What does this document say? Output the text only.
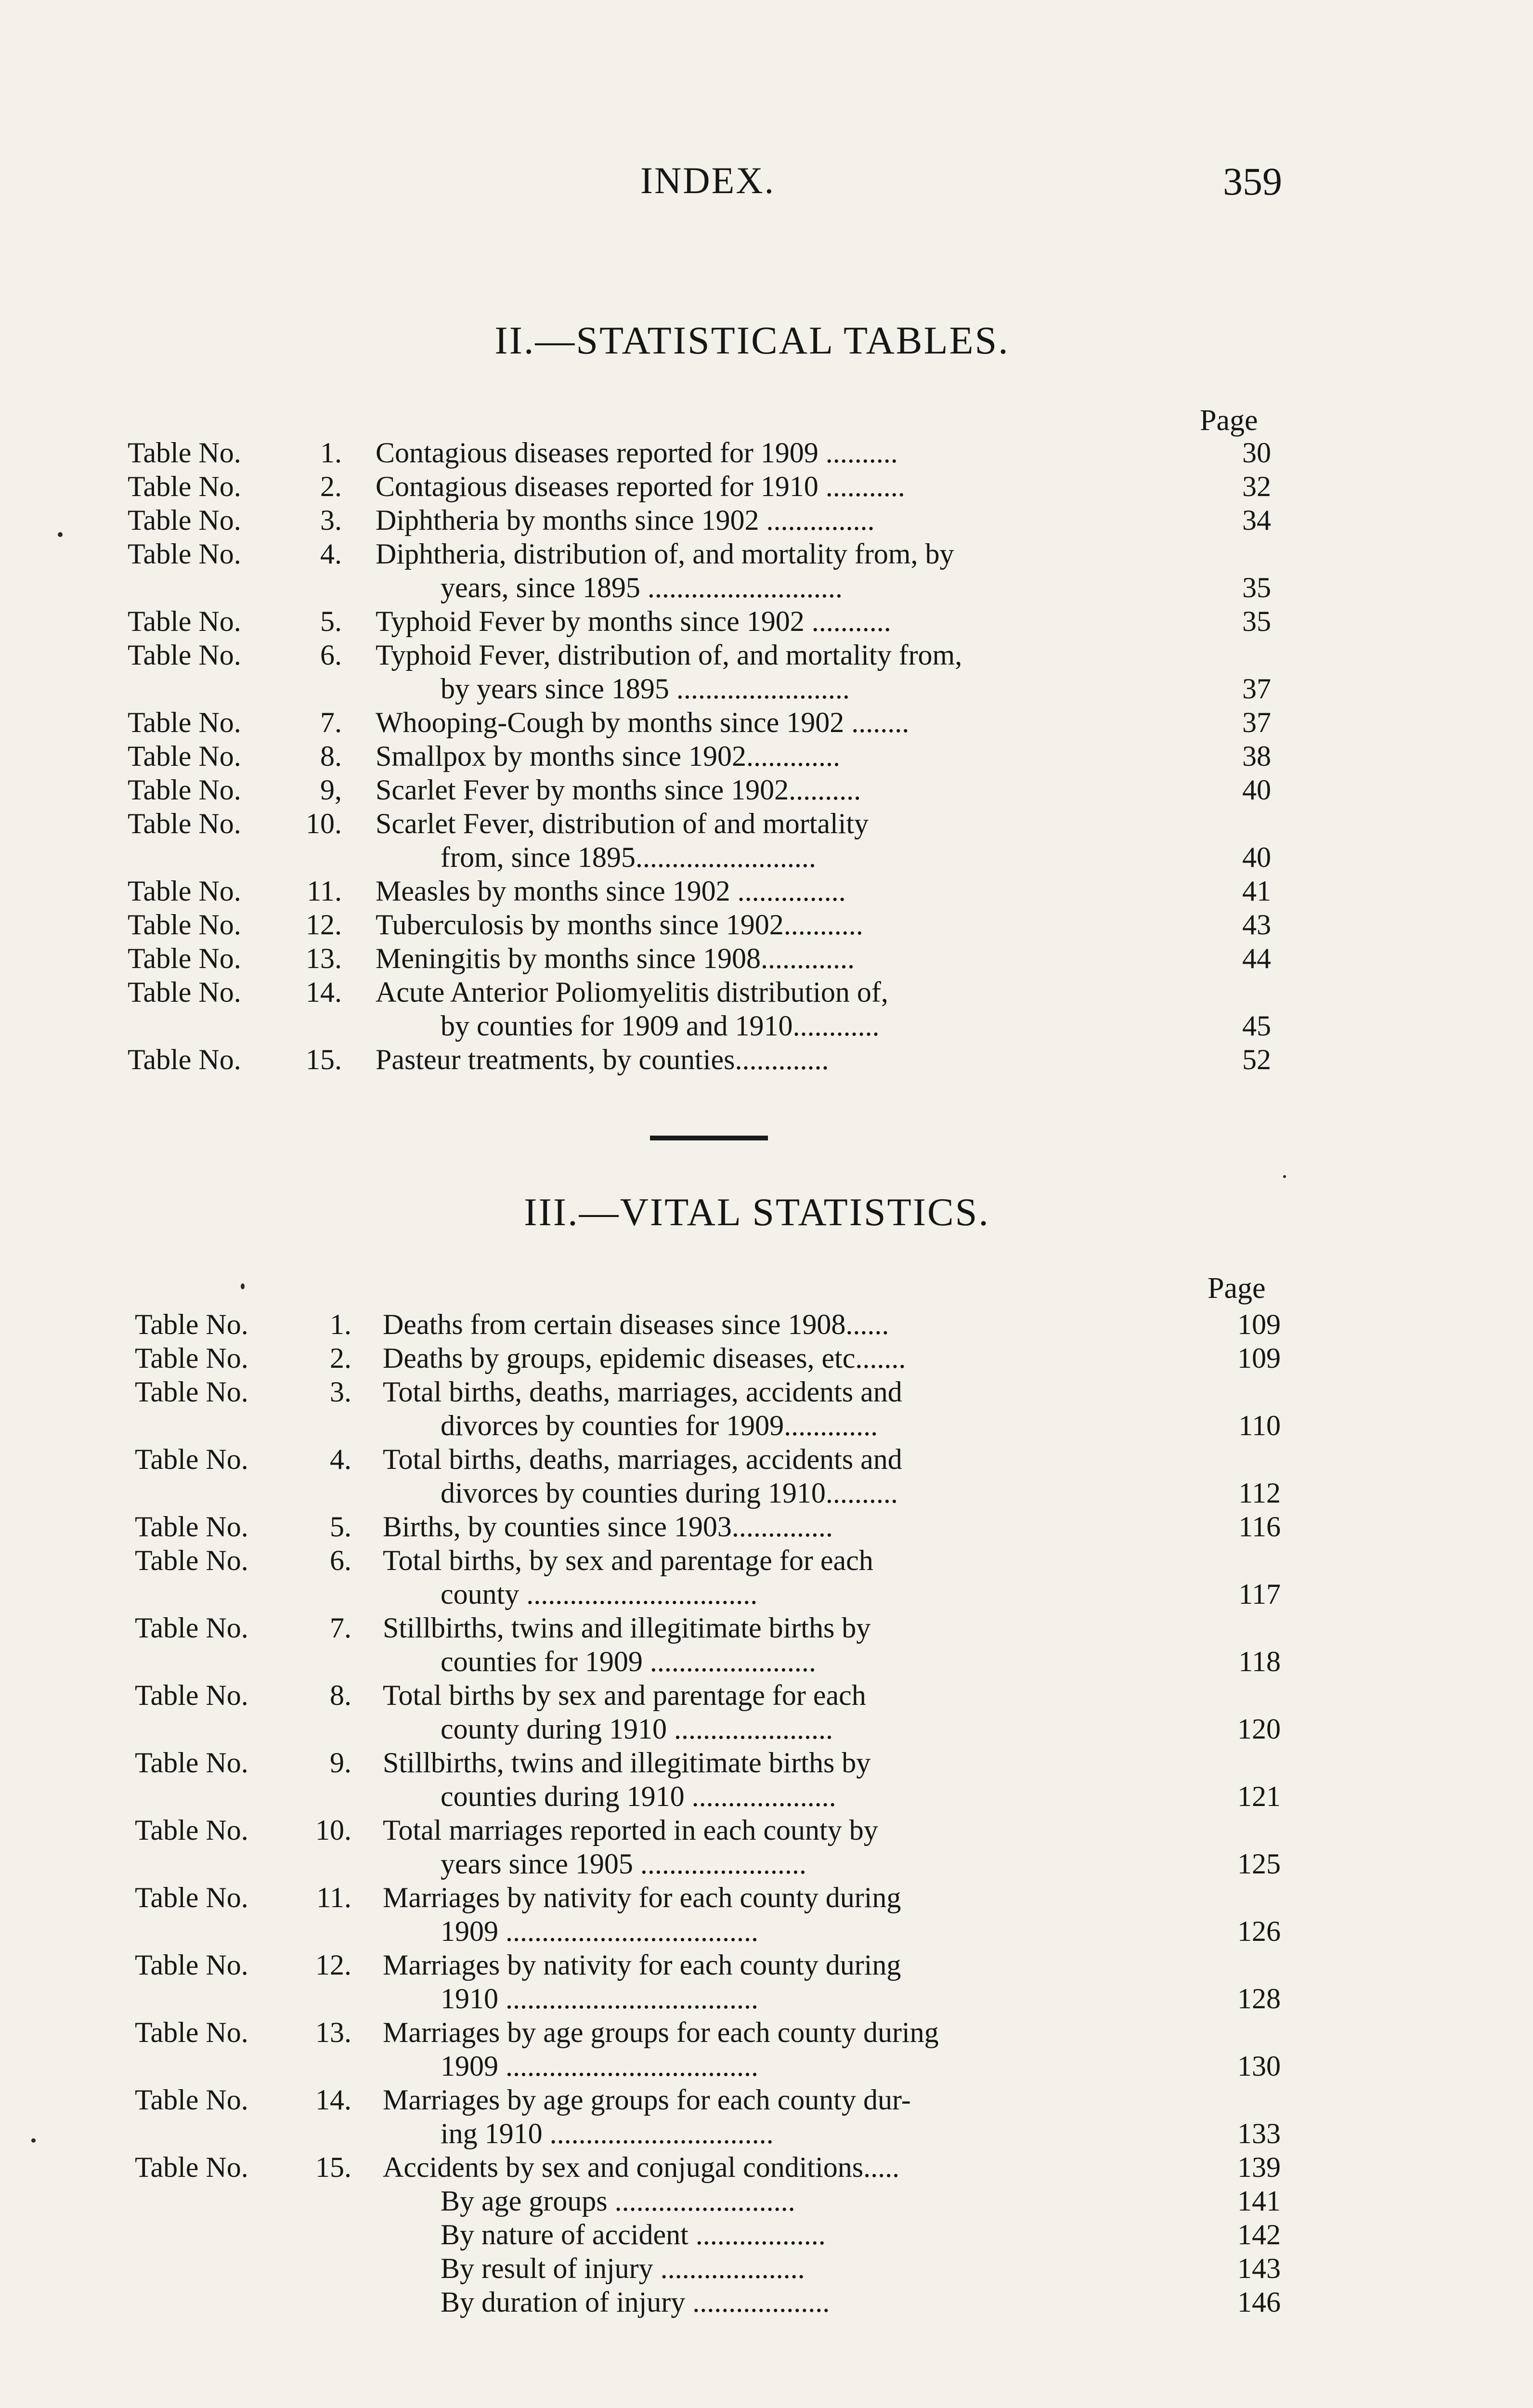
INDEX.	359
II.—STATISTICAL TABLES.
Page
Table No.	1. Contagious diseases reported for 1909 ..........	30
Table No.	2. Contagious diseases reported for 1910 ...........	32
Table No.	3. Diphtheria by months since 1902 ...............	34
Table No.	4. Diphtheria, distribution of, and mortality from, by
years, since 1895 ...........................	35
Table No.	5. Typhoid Fever by months since 1902 ...........	35
Table No.	6. Typhoid Fever, distribution of, and mortality from,
by years since 1895 ........................	37
Table No.	7. Whooping-Cough by months since 1902 ........	37
Table No.	8. Smallpox by months since 1902.............	38
Table No.	9, Scarlet Fever by months since 1902..........	40
Table No.	10. Scarlet Fever, distribution of and mortality
from, since 1895.........................	40
Table No.	11. Measles by months since 1902 ...............	41
Table No.	12. Tuberculosis by months since 1902...........	43
Table No.	13. Meningitis by months since 1908.............	44
Table No.	14. Acute Anterior Poliomyelitis distribution of,
by counties for 1909 and 1910............	45
Table No.	15. Pasteur treatments, by counties.............	52
III.—VITAL STATISTICS.
Page
Table No.	1. Deaths from certain diseases since 1908......	109
Table No.	2. Deaths by groups, epidemic diseases, etc.......	109
Table No.	3. Total births, deaths, marriages, accidents and
divorces by counties for 1909.............	110
Table No.	4. Total births, deaths, marriages, accidents and
divorces by counties during 1910..........	112
Table No.	5. Births, by counties since 1903..............	116
Table No.	6. Total births, by sex and parentage for each
county ................................	117
Table No.	7. Stillbirths, twins and illegitimate births by
counties for 1909 .......................	118
Table No.	8. Total births by sex and parentage for each
county during 1910 ......................	120
Table No.	9. Stillbirths, twins and illegitimate births by
counties during 1910 ....................	121
Table No.	10. Total marriages reported in each county by
years since 1905 .......................	125
Table No.	11. Marriages by nativity for each county during
1909 ...................................	126
Table No.	12. Marriages by nativity for each county during
1910 ...................................	128
Table No.	13. Marriages by age groups for each county during
1909 ...................................	130
Table No.	14. Marriages by age groups for each county dur-
ing 1910 ...............................	133
Table No.	15. Accidents by sex and conjugal conditions.....	139
By age groups .........................	141
By nature of accident ..................	142
By result of injury ....................	143
By duration of injury ...................	146
